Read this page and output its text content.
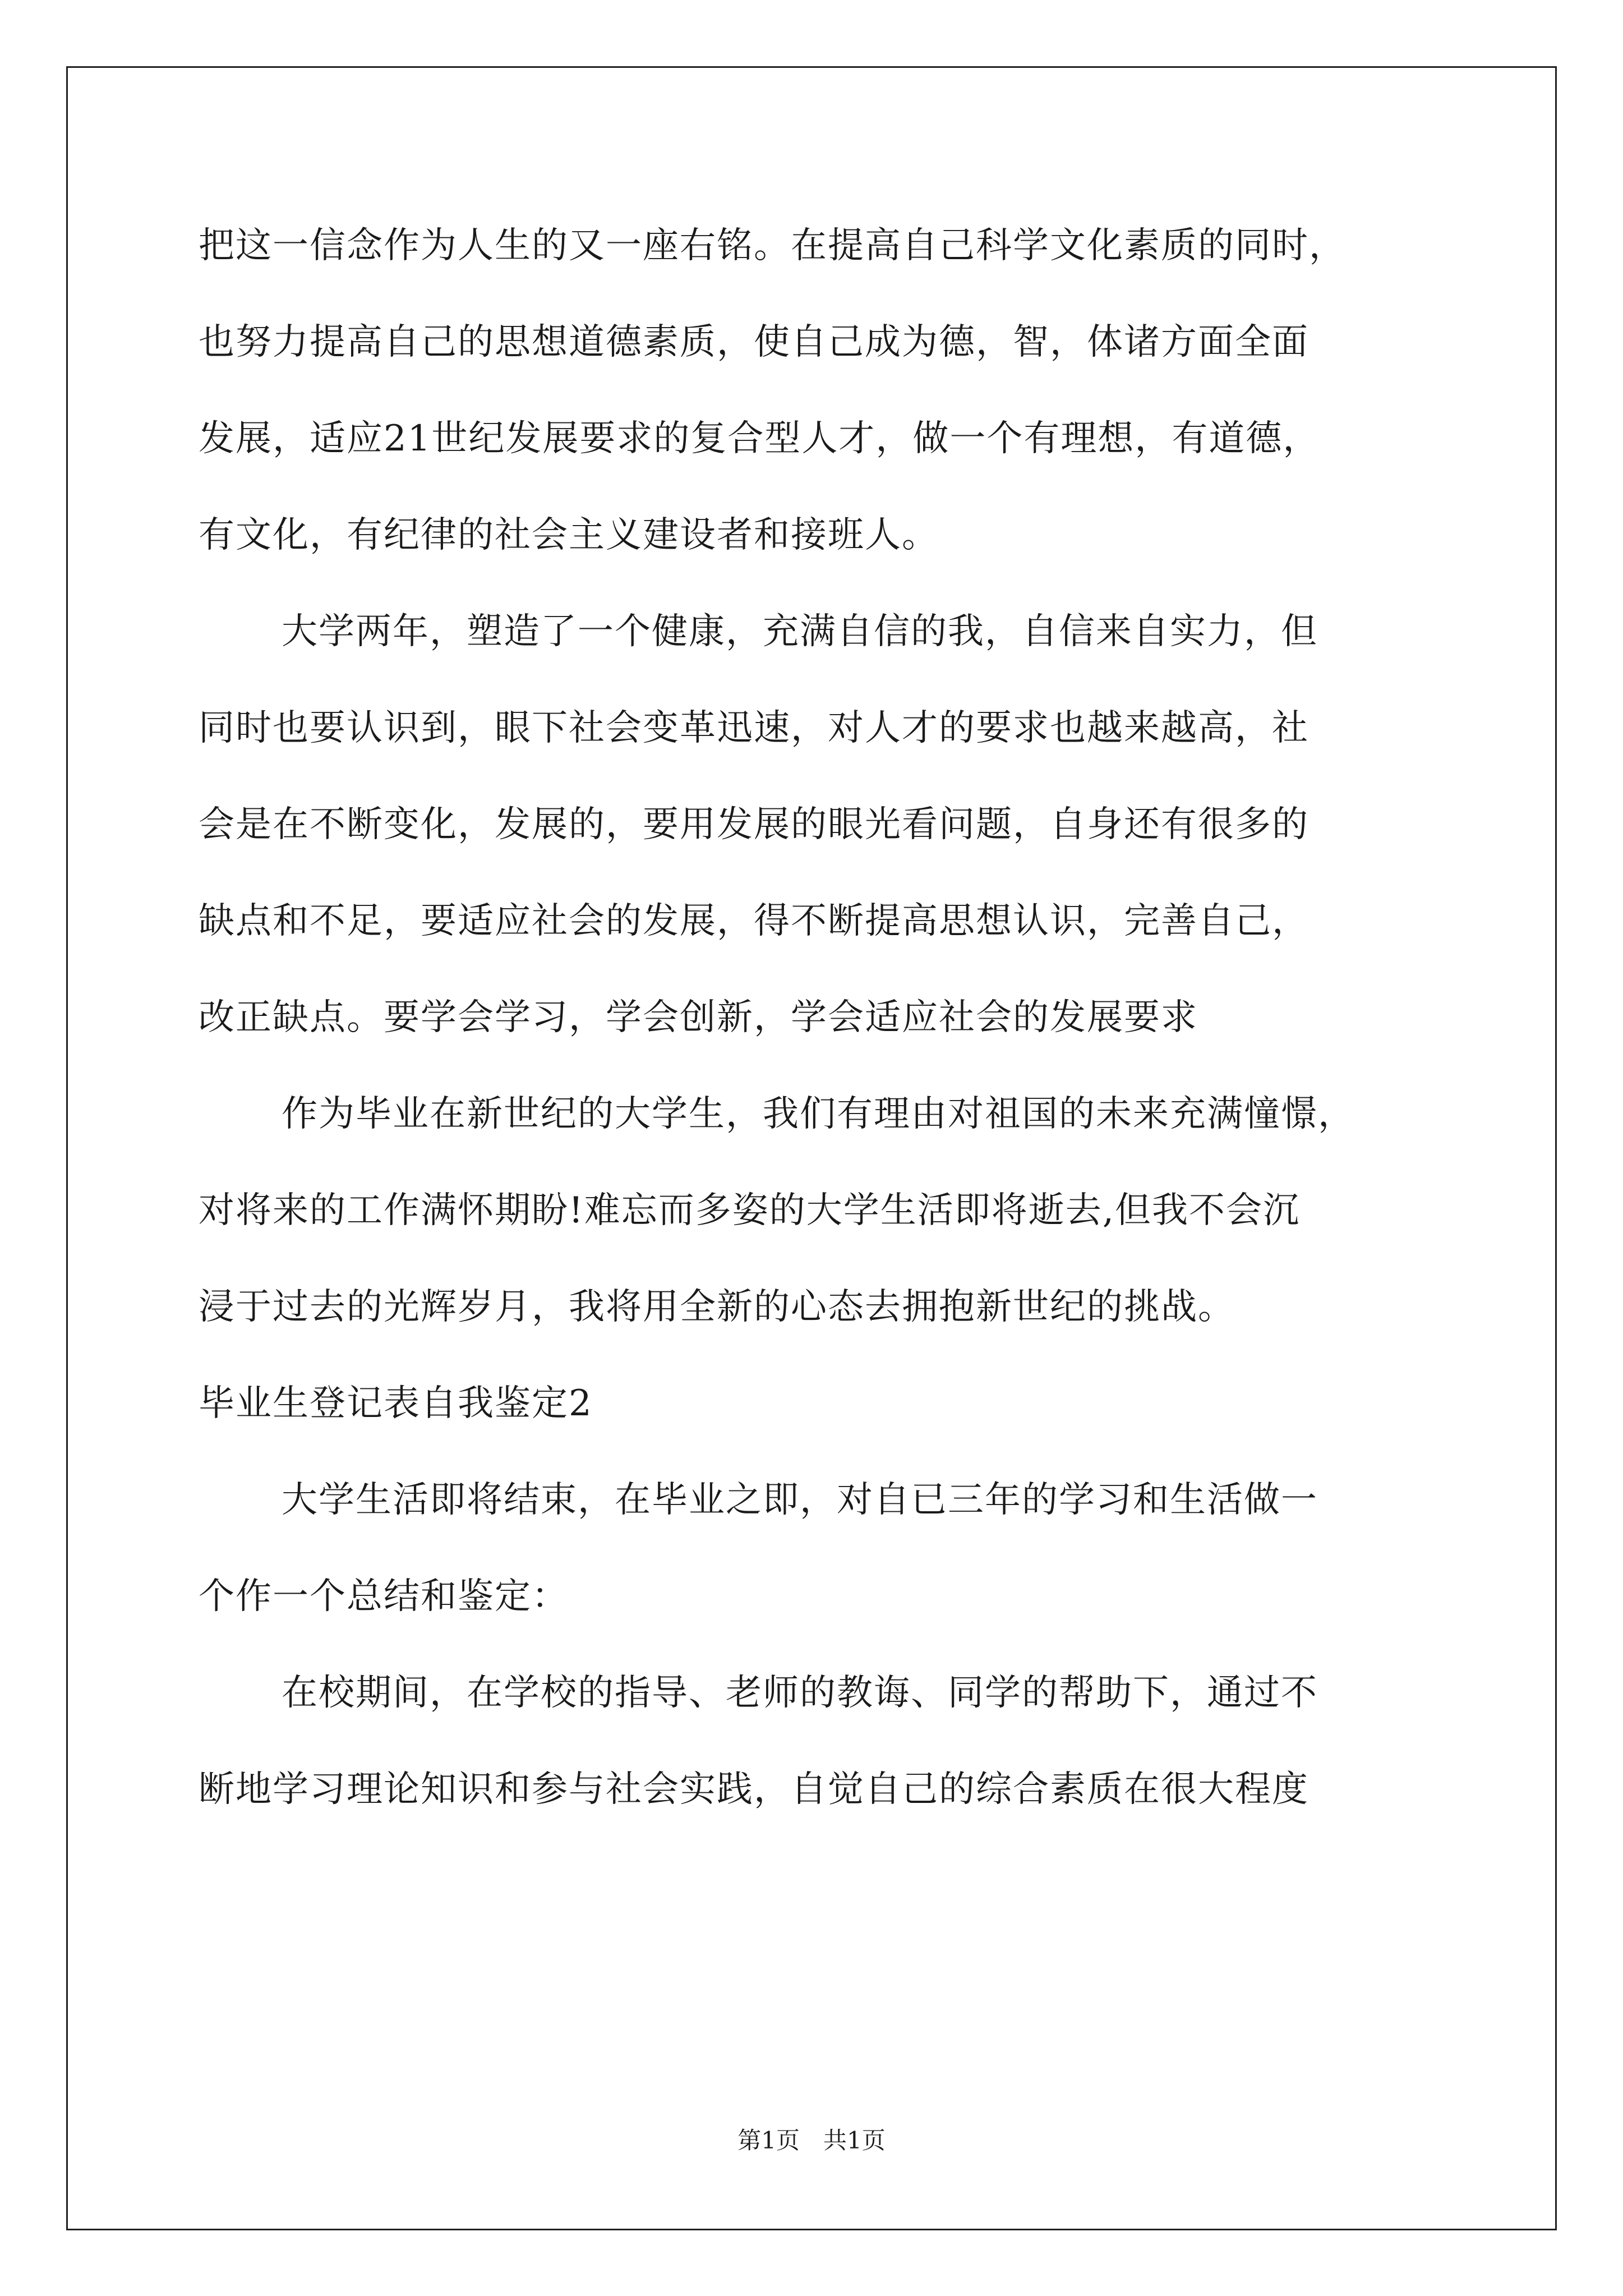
把这一信念作为人生的又一座右铭。在提高自己科学文化素质的同时，
也努力提高自己的思想道德素质，使自己成为德，智，体诸方面全面
发展，适应21世纪发展要求的复合型人才，做一个有理想，有道德，
有文化，有纪律的社会主义建设者和接班人。
大学两年，塑造了一个健康，充满自信的我，自信来自实力，但
同时也要认识到，眼下社会变革迅速，对人才的要求也越来越高，社
会是在不断变化，发展的，要用发展的眼光看问题，自身还有很多的
缺点和不足，要适应社会的发展，得不断提高思想认识，完善自己，
改正缺点。要学会学习，学会创新，学会适应社会的发展要求
作为毕业在新世纪的大学生，我们有理由对祖国的未来充满憧憬，
对将来的工作满怀期盼!难忘而多姿的大学生活即将逝去,但我不会沉
浸于过去的光辉岁月，我将用全新的心态去拥抱新世纪的挑战。
毕业生登记表自我鉴定2
大学生活即将结束，在毕业之即，对自已三年的学习和生活做一
个作一个总结和鉴定：
在校期间，在学校的指导、老师的教诲、同学的帮助下，通过不
断地学习理论知识和参与社会实践，自觉自己的综合素质在很大程度
第1页　共1页
